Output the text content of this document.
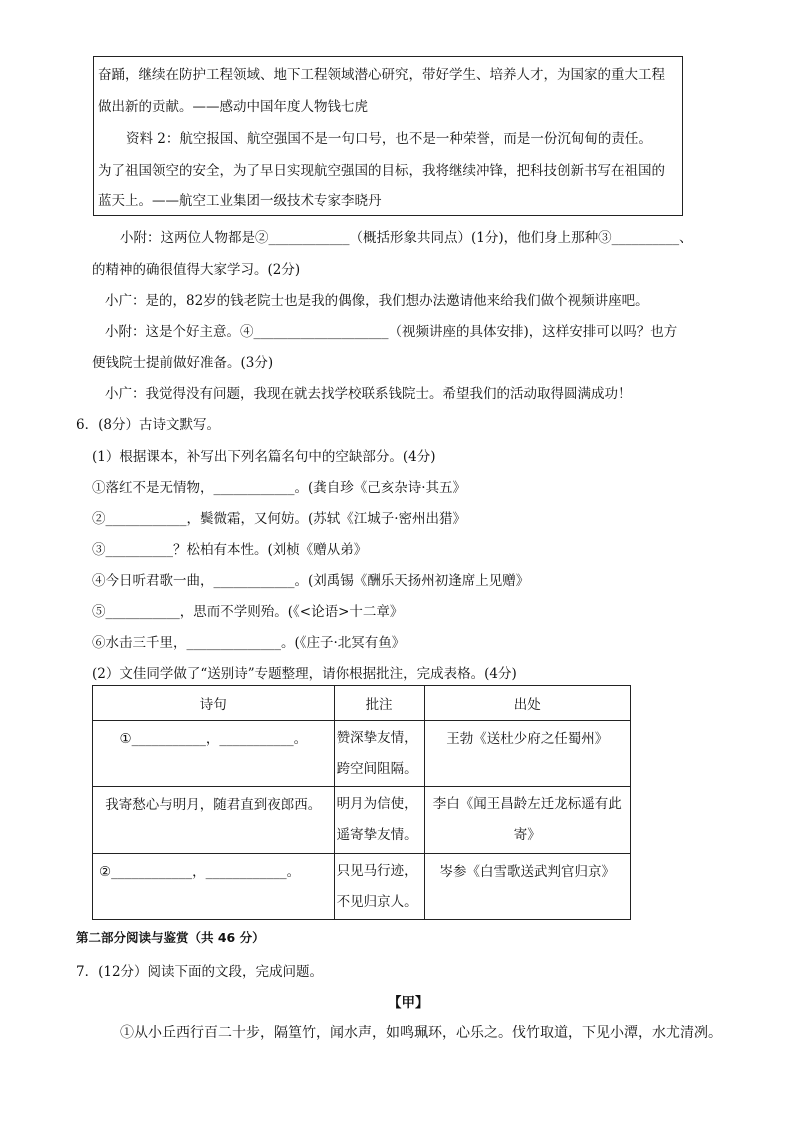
奋踊，继续在防护工程领域、地下工程领域潜心研究，带好学生、培养人才，为国家的重大工程
做出新的贡献。——感动中国年度人物钱七虎
资料 2：航空报国、航空强国不是一句口号，也不是一种荣誉，而是一份沉甸甸的责任。
为了祖国领空的安全，为了早日实现航空强国的目标，我将继续冲锋，把科技创新书写在祖国的
蓝天上。——航空工业集团一级技术专家李晓丹
小附：这两位人物都是②____________（概括形象共同点）(1分)，他们身上那种③__________、
的精神的确很值得大家学习。(2分)
小广：是的，82岁的钱老院士也是我的偶像，我们想办法邀请他来给我们做个视频讲座吧。
小附：这是个好主意。④____________________（视频讲座的具体安排)，这样安排可以吗？也方
便钱院士提前做好准备。(3分)
小广：我觉得没有问题，我现在就去找学校联系钱院士。希望我们的活动取得圆满成功！
6．(8分）古诗文默写。
(1）根据课本，补写出下列名篇名句中的空缺部分。(4分)
①落红不是无情物，____________。(龚自珍《己亥杂诗·其五》
②____________，鬓微霜，又何妨。(苏轼《江城子·密州出猎》
③__________？松柏有本性。(刘桢《赠从弟》
④今日听君歌一曲，____________。(刘禹锡《酬乐天扬州初逢席上见赠》
⑤___________，思而不学则殆。(《<论语>十二章》
⑥水击三千里，______________。(《庄子·北冥有鱼》
(2）文佳同学做了“送别诗”专题整理，请你根据批注，完成表格。(4分)
诗句	批注	出处
①___________，___________。	赞深挚友情，跨空间阻隔。	王勃《送杜少府之任蜀州》
我寄愁心与明月，随君直到夜郎西。	明月为信使，遥寄挚友情。	李白《闻王昌龄左迁龙标遥有此寄》
②____________，____________。	只见马行迹，不见归京人。	岑参《白雪歌送武判官归京》
第二部分阅读与鉴赏（共 46 分）
7．(12分）阅读下面的文段，完成问题。
【甲】
①从小丘西行百二十步，隔篁竹，闻水声，如鸣珮环，心乐之。伐竹取道，下见小潭，水尤清冽。
